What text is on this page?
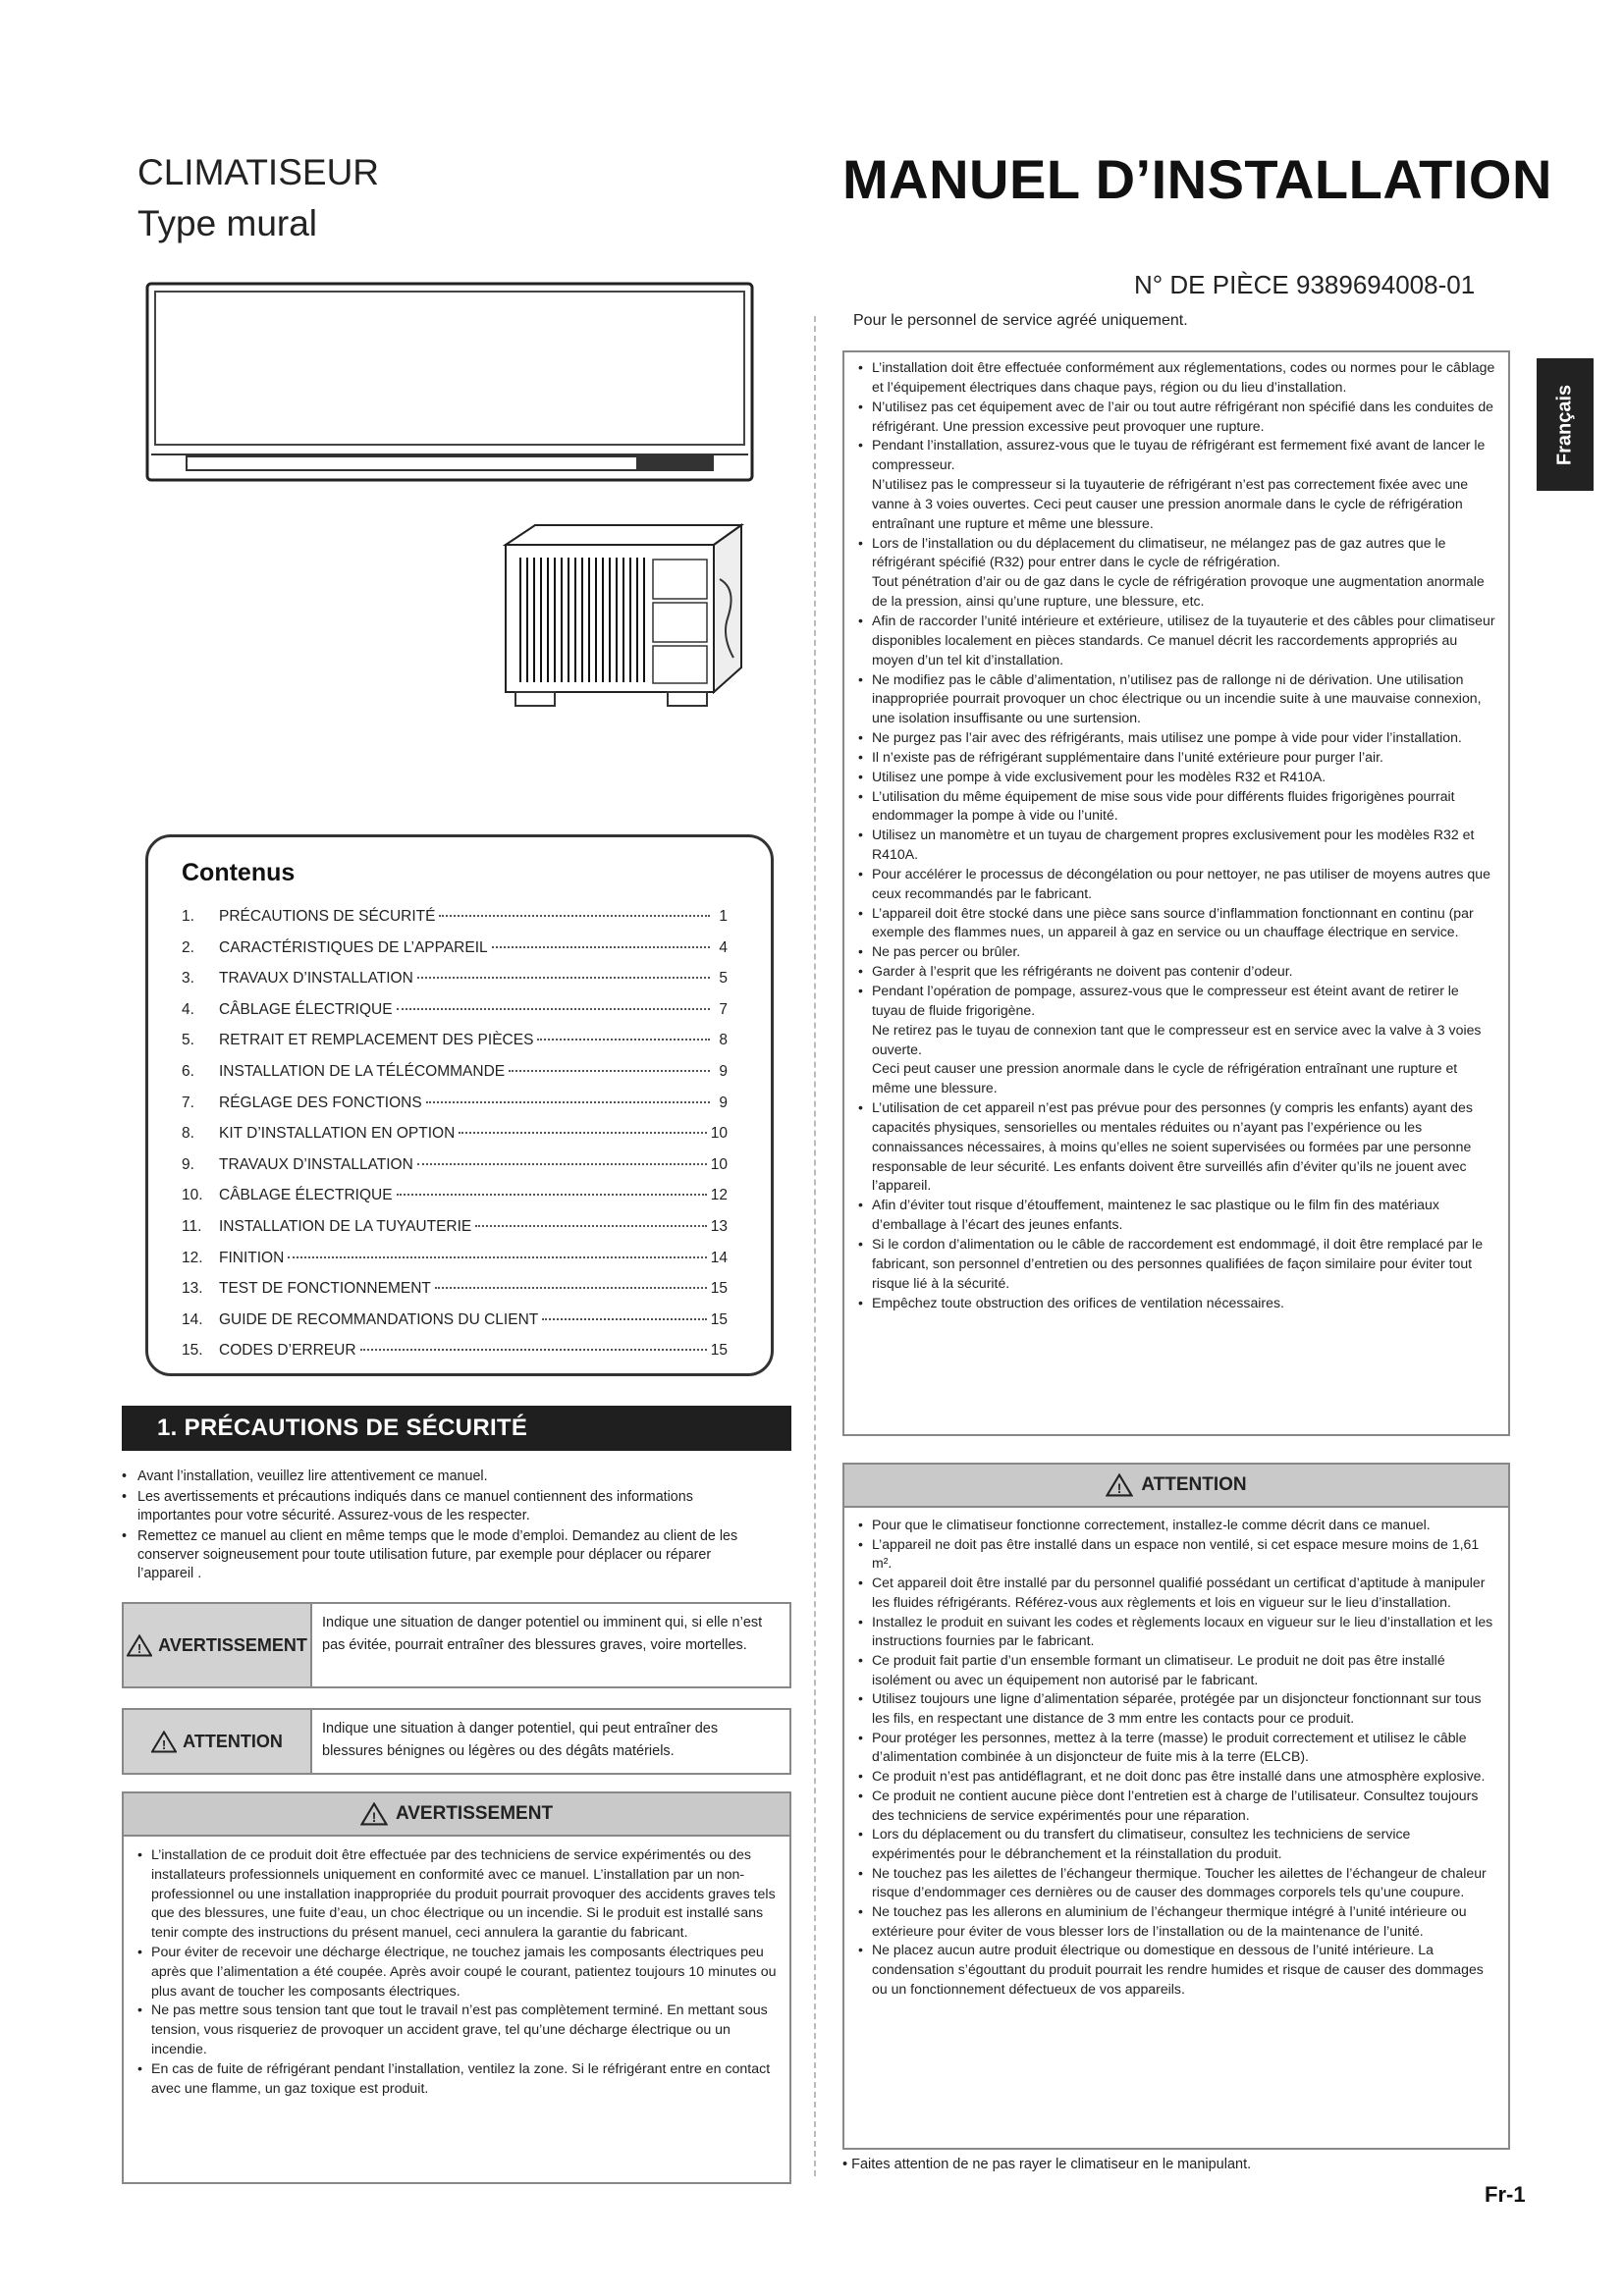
CLIMATISEUR
Type mural
MANUEL D’INSTALLATION
N° DE PIÈCE 9389694008-01
Français
Contenus
1.	PRÉCAUTIONS DE SÉCURITÉ	1
2.	CARACTÉRISTIQUES DE L’APPAREIL	4
3.	TRAVAUX D’INSTALLATION	5
4.	CÂBLAGE ÉLECTRIQUE	7
5.	RETRAIT ET REMPLACEMENT DES PIÈCES	8
6.	INSTALLATION DE LA TÉLÉCOMMANDE	9
7.	RÉGLAGE DES FONCTIONS	9
8.	KIT D’INSTALLATION EN OPTION	10
9.	TRAVAUX D’INSTALLATION	10
10.	CÂBLAGE ÉLECTRIQUE	12
11.	INSTALLATION DE LA TUYAUTERIE	13
12.	FINITION	14
13.	TEST DE FONCTIONNEMENT	15
14.	GUIDE DE RECOMMANDATIONS DU CLIENT	15
15.	CODES D’ERREUR	15
1. PRÉCAUTIONS DE SÉCURITÉ
• Avant l’installation, veuillez lire attentivement ce manuel.
• Les avertissements et précautions indiqués dans ce manuel contiennent des informations importantes pour votre sécurité. Assurez-vous de les respecter.
• Remettez ce manuel au client en même temps que le mode d’emploi. Demandez au client de les conserver soigneusement pour toute utilisation future, par exemple pour déplacer ou réparer l’appareil .
! AVERTISSEMENT
Indique une situation de danger potentiel ou imminent qui, si elle n’est pas évitée, pourrait entraîner des blessures graves, voire mortelles.
! ATTENTION
Indique une situation à danger potentiel, qui peut entraîner des blessures bénignes ou légères ou des dégâts matériels.
! AVERTISSEMENT
• L’installation de ce produit doit être effectuée par des techniciens de service expérimentés ou des installateurs professionnels uniquement en conformité avec ce manuel. L’installation par un non-professionnel ou une installation inappropriée du produit pourrait provoquer des accidents graves tels que des blessures, une fuite d’eau, un choc électrique ou un incendie. Si le produit est installé sans tenir compte des instructions du présent manuel, ceci annulera la garantie du fabricant.
• Pour éviter de recevoir une décharge électrique, ne touchez jamais les composants électriques peu après que l’alimentation a été coupée. Après avoir coupé le courant, patientez toujours 10 minutes ou plus avant de toucher les composants électriques.
• Ne pas mettre sous tension tant que tout le travail n’est pas complètement terminé. En mettant sous tension, vous risqueriez de provoquer un accident grave, tel qu’une décharge électrique ou un incendie.
• En cas de fuite de réfrigérant pendant l’installation, ventilez la zone. Si le réfrigérant entre en contact avec une flamme, un gaz toxique est produit.
Pour le personnel de service agréé uniquement.
• L’installation doit être effectuée conformément aux réglementations, codes ou normes pour le câblage et l’équipement électriques dans chaque pays, région ou du lieu d’installation.
• N’utilisez pas cet équipement avec de l’air ou tout autre réfrigérant non spécifié dans les conduites de réfrigérant. Une pression excessive peut provoquer une rupture.
• Pendant l’installation, assurez-vous que le tuyau de réfrigérant est fermement fixé avant de lancer le compresseur.
N’utilisez pas le compresseur si la tuyauterie de réfrigérant n’est pas correctement fixée avec une vanne à 3 voies ouvertes. Ceci peut causer une pression anormale dans le cycle de réfrigération entraînant une rupture et même une blessure.
• Lors de l’installation ou du déplacement du climatiseur, ne mélangez pas de gaz autres que le réfrigérant spécifié (R32) pour entrer dans le cycle de réfrigération.
Tout pénétration d’air ou de gaz dans le cycle de réfrigération provoque une augmentation anormale de la pression, ainsi qu’une rupture, une blessure, etc.
• Afin de raccorder l’unité intérieure et extérieure, utilisez de la tuyauterie et des câbles pour climatiseur disponibles localement en pièces standards. Ce manuel décrit les raccordements appropriés au moyen d’un tel kit d’installation.
• Ne modifiez pas le câble d’alimentation, n’utilisez pas de rallonge ni de dérivation. Une utilisation inappropriée pourrait provoquer un choc électrique ou un incendie suite à une mauvaise connexion, une isolation insuffisante ou une surtension.
• Ne purgez pas l’air avec des réfrigérants, mais utilisez une pompe à vide pour vider l’installation.
• Il n’existe pas de réfrigérant supplémentaire dans l’unité extérieure pour purger l’air.
• Utilisez une pompe à vide exclusivement pour les modèles R32 et R410A.
• L’utilisation du même équipement de mise sous vide pour différents fluides frigorigènes pourrait endommager la pompe à vide ou l’unité.
• Utilisez un manomètre et un tuyau de chargement propres exclusivement pour les modèles R32 et R410A.
• Pour accélérer le processus de décongélation ou pour nettoyer, ne pas utiliser de moyens autres que ceux recommandés par le fabricant.
• L’appareil doit être stocké dans une pièce sans source d’inflammation fonctionnant en continu (par exemple des flammes nues, un appareil à gaz en service ou un chauffage électrique en service.
• Ne pas percer ou brûler.
• Garder à l’esprit que les réfrigérants ne doivent pas contenir d’odeur.
• Pendant l’opération de pompage, assurez-vous que le compresseur est éteint avant de retirer le tuyau de fluide frigorigène.
Ne retirez pas le tuyau de connexion tant que le compresseur est en service avec la valve à 3 voies ouverte.
Ceci peut causer une pression anormale dans le cycle de réfrigération entraînant une rupture et même une blessure.
• L’utilisation de cet appareil n’est pas prévue pour des personnes (y compris les enfants) ayant des capacités physiques, sensorielles ou mentales réduites ou n’ayant pas l’expérience ou les connaissances nécessaires, à moins qu’elles ne soient supervisées ou formées par une personne responsable de leur sécurité. Les enfants doivent être surveillés afin d’éviter qu’ils ne jouent avec l’appareil.
• Afin d’éviter tout risque d’étouffement, maintenez le sac plastique ou le film fin des matériaux d’emballage à l’écart des jeunes enfants.
• Si le cordon d’alimentation ou le câble de raccordement est endommagé, il doit être remplacé par le fabricant, son personnel d’entretien ou des personnes qualifiées de façon similaire pour éviter tout risque lié à la sécurité.
• Empêchez toute obstruction des orifices de ventilation nécessaires.
! ATTENTION
• Pour que le climatiseur fonctionne correctement, installez-le comme décrit dans ce manuel.
• L’appareil ne doit pas être installé dans un espace non ventilé, si cet espace mesure moins de 1,61 m².
• Cet appareil doit être installé par du personnel qualifié possédant un certificat d’aptitude à manipuler les fluides réfrigérants. Référez-vous aux règlements et lois en vigueur sur le lieu d’installation.
• Installez le produit en suivant les codes et règlements locaux en vigueur sur le lieu d’installation et les instructions fournies par le fabricant.
• Ce produit fait partie d’un ensemble formant un climatiseur. Le produit ne doit pas être installé isolément ou avec un équipement non autorisé par le fabricant.
• Utilisez toujours une ligne d’alimentation séparée, protégée par un disjoncteur fonctionnant sur tous les fils, en respectant une distance de 3 mm entre les contacts pour ce produit.
• Pour protéger les personnes, mettez à la terre (masse) le produit correctement et utilisez le câble d’alimentation combinée à un disjoncteur de fuite mis à la terre (ELCB).
• Ce produit n’est pas antidéflagrant, et ne doit donc pas être installé dans une atmosphère explosive.
• Ce produit ne contient aucune pièce dont l’entretien est à charge de l’utilisateur. Consultez toujours des techniciens de service expérimentés pour une réparation.
• Lors du déplacement ou du transfert du climatiseur, consultez les techniciens de service expérimentés pour le débranchement et la réinstallation du produit.
• Ne touchez pas les ailettes de l’échangeur thermique. Toucher les ailettes de l’échangeur de chaleur risque d’endommager ces dernières ou de causer des dommages corporels tels qu’une coupure.
• Ne touchez pas les allerons en aluminium de l’échangeur thermique intégré à l’unité intérieure ou extérieure pour éviter de vous blesser lors de l’installation ou de la maintenance de l’unité.
• Ne placez aucun autre produit électrique ou domestique en dessous de l’unité intérieure. La condensation s’égouttant du produit pourrait les rendre humides et risque de causer des dommages ou un fonctionnement défectueux de vos appareils.
• Faites attention de ne pas rayer le climatiseur en le manipulant.
Fr-1
